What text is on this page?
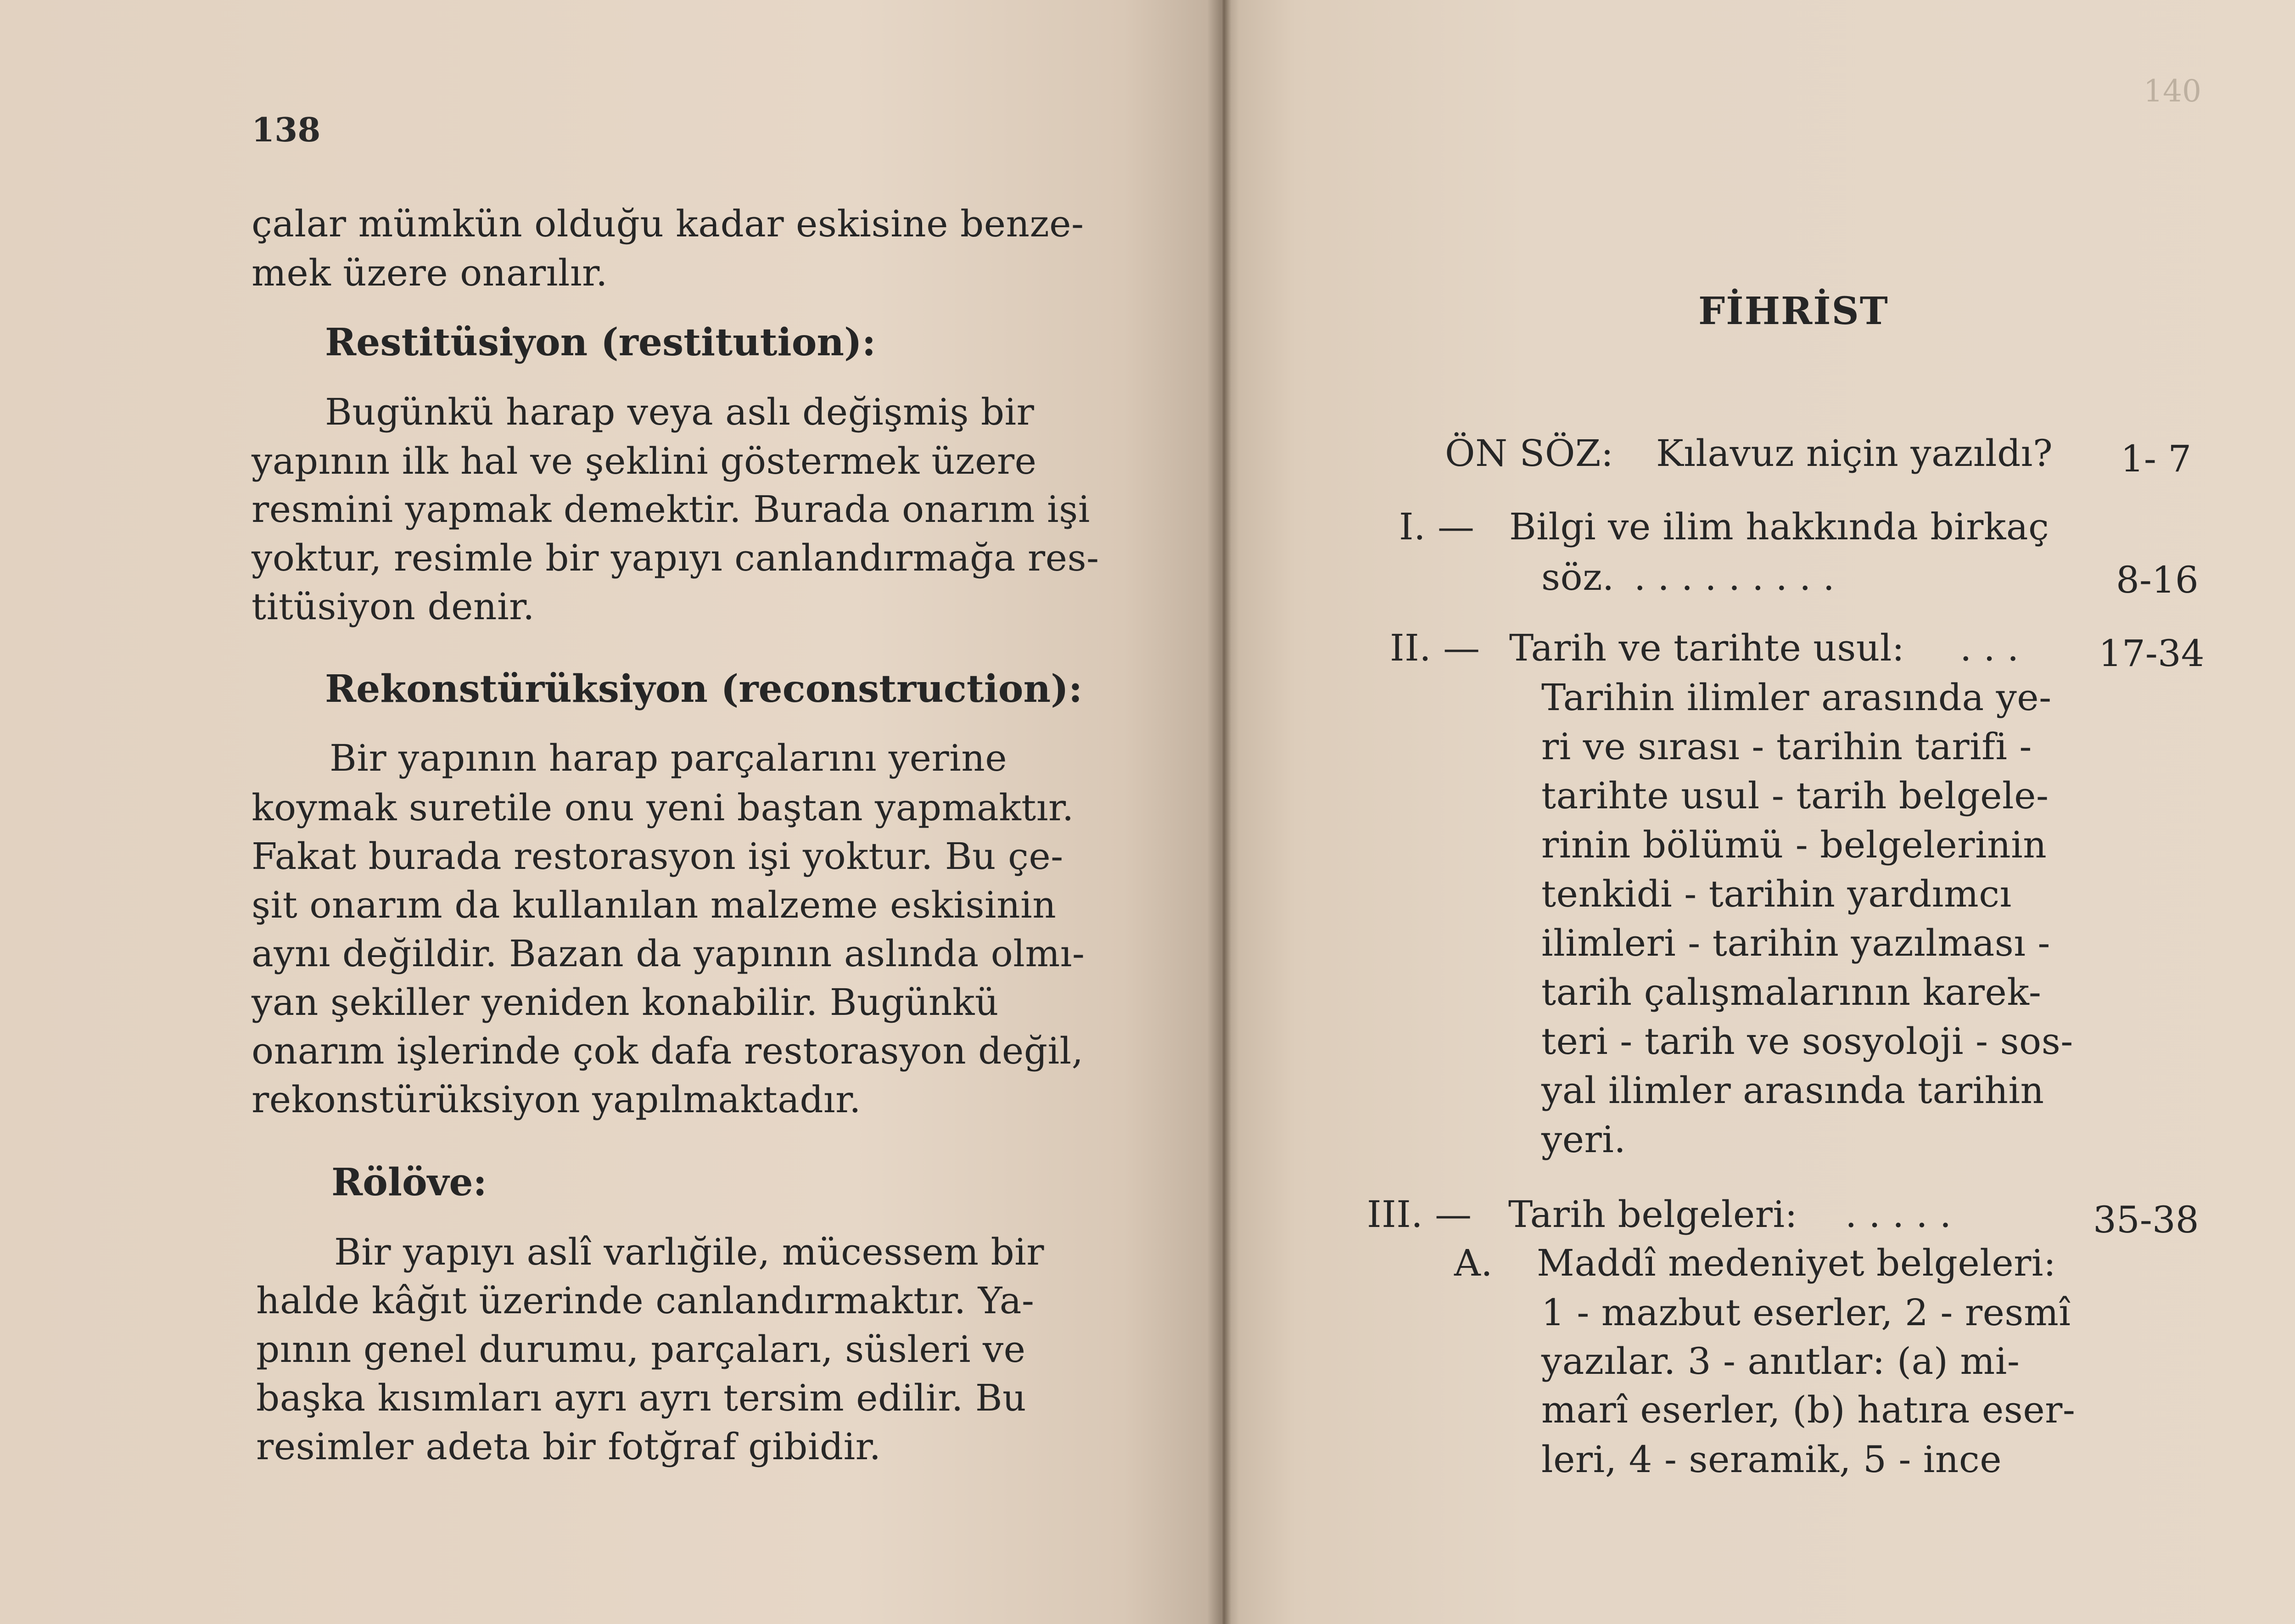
138
çalar mümkün olduğu kadar eskisine benze-
mek üzere onarılır.
Restitüsiyon (restitution):
Bugünkü harap veya aslı değişmiş bir
yapının ilk hal ve şeklini göstermek üzere
resmini yapmak demektir. Burada onarım işi
yoktur, resimle bir yapıyı canlandırmağa res-
titüsiyon denir.
Rekonstürüksiyon (reconstruction):
Bir yapının harap parçalarını yerine
koymak suretile onu yeni baştan yapmaktır.
Fakat burada restorasyon işi yoktur. Bu çe-
şit onarım da kullanılan malzeme eskisinin
aynı değildir. Bazan da yapının aslında olmı-
yan şekiller yeniden konabilir. Bugünkü
onarım işlerinde çok dafa restorasyon değil,
rekonstürüksiyon yapılmaktadır.
Rölöve:
Bir yapıyı aslî varlığile, mücessem bir
halde kâğıt üzerinde canlandırmaktır. Ya-
pının genel durumu, parçaları, süsleri ve
başka kısımları ayrı ayrı tersim edilir. Bu
resimler adeta bir fotğraf gibidir.
140
FİHRİST
ÖN SÖZ: Kılavuz niçin yazıldı? 1- 7
I. — Bilgi ve ilim hakkında birkaç
söz. .........	8-16
II. — Tarih ve tarihte usul: ... 17-34
Tarihin ilimler arasında ye-
ri ve sırası - tarihin tarifi -
tarihte usul - tarih belgele-
rinin bölümü - belgelerinin
tenkidi - tarihin yardımcı
ilimleri - tarihin yazılması -
tarih çalışmalarının karek-
teri - tarih ve sosyoloji - sos-
yal ilimler arasında tarihin
yeri.
III. — Tarih belgeleri: .....	35-38
A. Maddî medeniyet belgeleri:
1 - mazbut eserler, 2 - resmî
yazılar. 3 - anıtlar: (a) mi-
marî eserler, (b) hatıra eser-
leri, 4 - seramik, 5 - ince
